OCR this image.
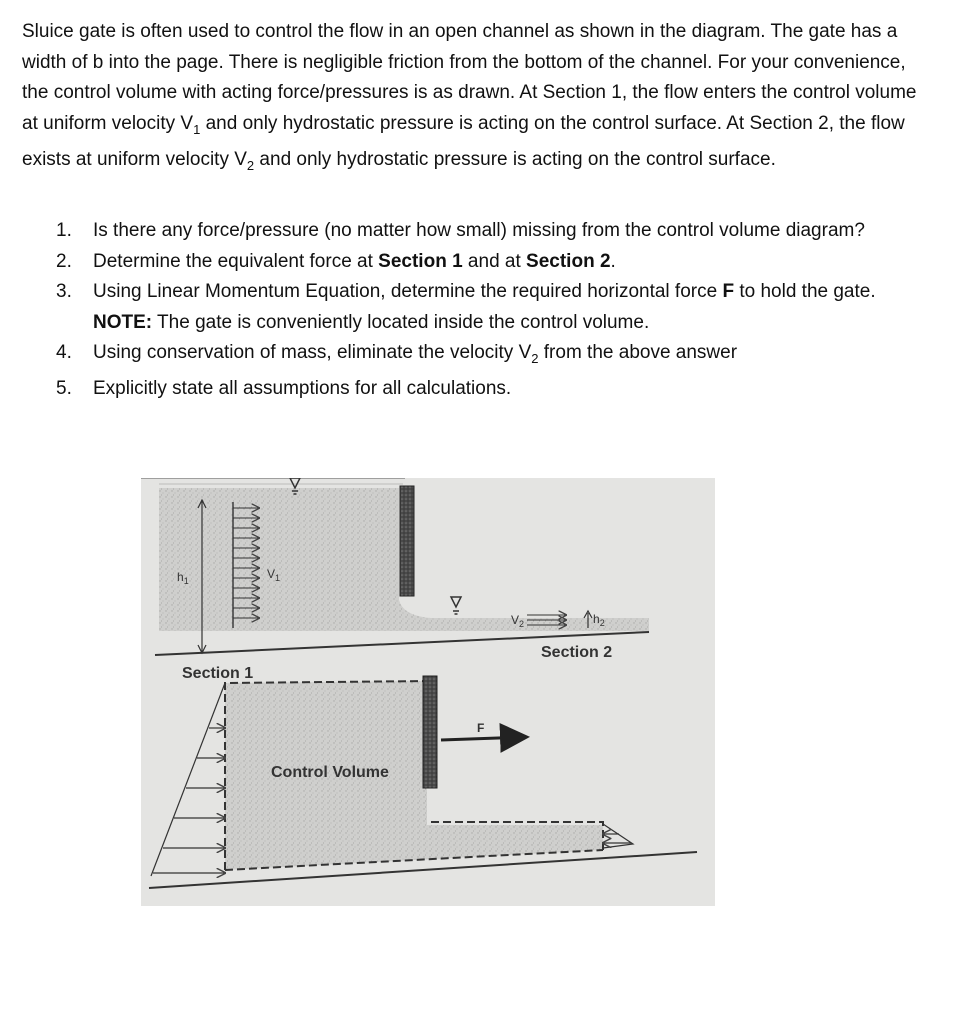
Sluice gate is often used to control the flow in an open channel as shown in the diagram. The gate has a width of b into the page. There is negligible friction from the bottom of the channel. For your convenience, the control volume with acting force/pressures is as drawn. At Section 1, the flow enters the control volume at uniform velocity $V_1$ and only hydrostatic pressure is acting on the control surface. At Section 2, the flow exists at uniform velocity $V_2$ and only hydrostatic pressure is acting on the control surface.

1. Is there any force/pressure (no matter how small) missing from the control volume diagram?
2. Determine the equivalent force at Section 1 and at Section 2.
3. Using Linear Momentum Equation, determine the required horizontal force F to hold the gate. NOTE: The gate is conveniently located inside the control volume.
4. Using conservation of mass, eliminate the velocity $V_2$ from the above answer
5. Explicitly state all assumptions for all calculations.
$h_1$	$V_1$
$V_2$	$h_2$
Section 2
Section 1
F
Control Volume
